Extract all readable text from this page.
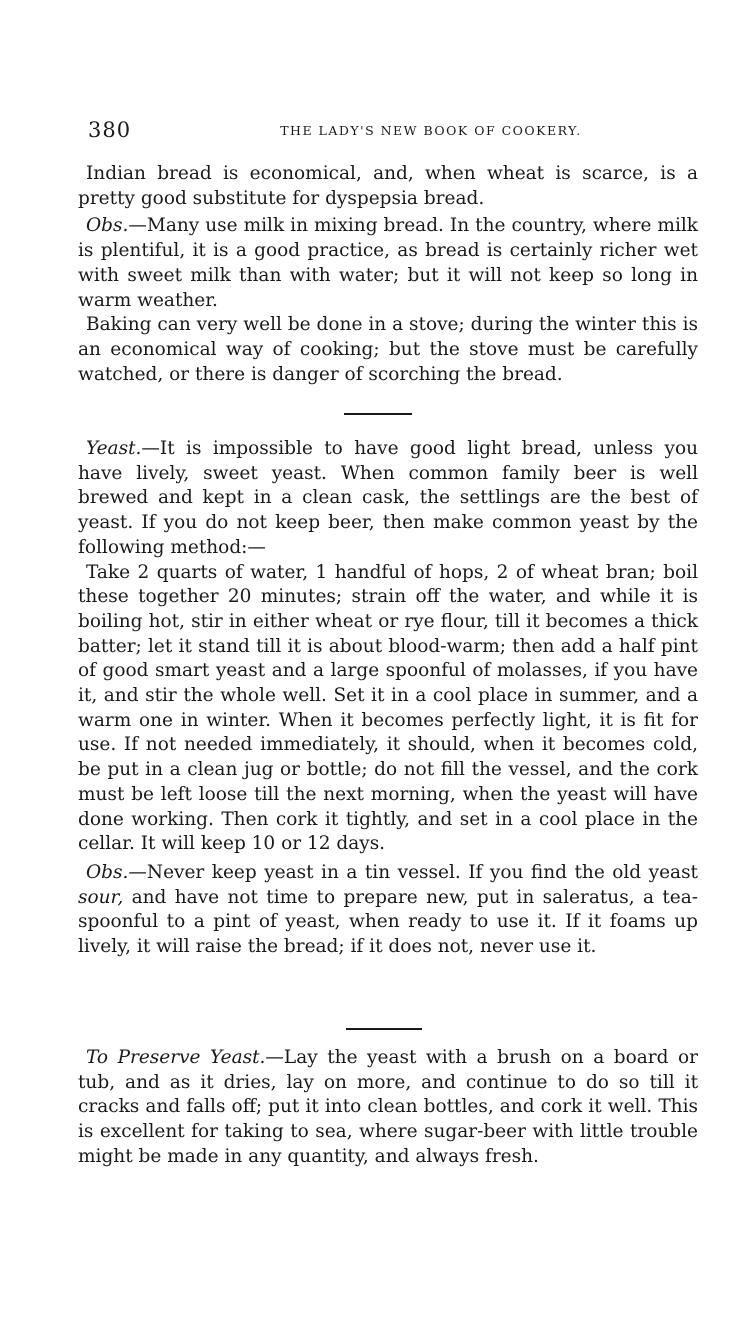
380	THE LADY'S NEW BOOK OF COOKERY.

Indian bread is economical, and, when wheat is scarce, is a pretty good substitute for dyspepsia bread.

Obs.—Many use milk in mixing bread. In the country, where milk is plentiful, it is a good practice, as bread is certainly richer wet with sweet milk than with water; but it will not keep so long in warm weather.

Baking can very well be done in a stove; during the winter this is an economical way of cooking; but the stove must be carefully watched, or there is danger of scorching the bread.

Yeast.—It is impossible to have good light bread, unless you have lively, sweet yeast. When common family beer is well brewed and kept in a clean cask, the settlings are the best of yeast. If you do not keep beer, then make common yeast by the following method:—

Take 2 quarts of water, 1 handful of hops, 2 of wheat bran; boil these together 20 minutes; strain off the water, and while it is boiling hot, stir in either wheat or rye flour, till it becomes a thick batter; let it stand till it is about blood-warm; then add a half pint of good smart yeast and a large spoonful of molasses, if you have it, and stir the whole well. Set it in a cool place in summer, and a warm one in winter. When it becomes perfectly light, it is fit for use. If not needed immediately, it should, when it becomes cold, be put in a clean jug or bottle; do not fill the vessel, and the cork must be left loose till the next morning, when the yeast will have done working. Then cork it tightly, and set in a cool place in the cellar. It will keep 10 or 12 days.

Obs.—Never keep yeast in a tin vessel. If you find the old yeast sour, and have not time to prepare new, put in saleratus, a tea-spoonful to a pint of yeast, when ready to use it. If it foams up lively, it will raise the bread; if it does not, never use it.

To Preserve Yeast.—Lay the yeast with a brush on a board or tub, and as it dries, lay on more, and continue to do so till it cracks and falls off; put it into clean bottles, and cork it well. This is excellent for taking to sea, where sugar-beer with little trouble might be made in any quantity, and always fresh.
